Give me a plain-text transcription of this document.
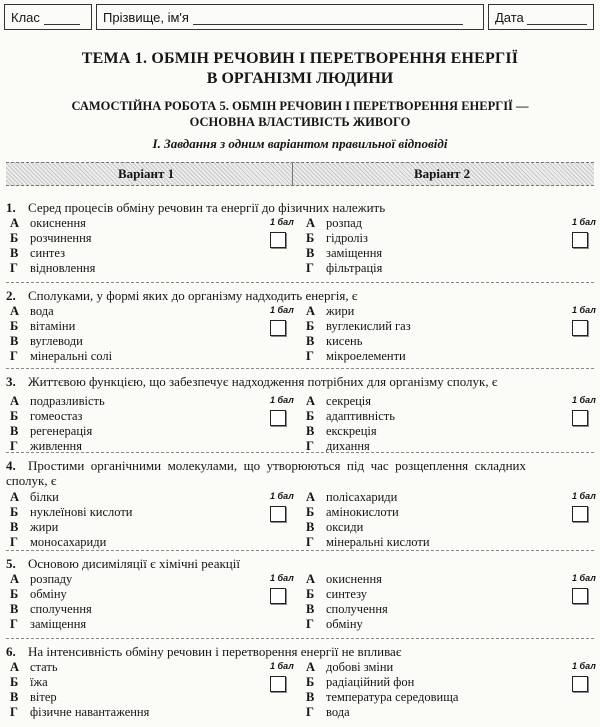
Клас	Прізвище, ім'я	Дата
ТЕМА 1. ОБМІН РЕЧОВИН І ПЕРЕТВОРЕННЯ ЕНЕРГІЇ
В ОРГАНІЗМІ ЛЮДИНИ
САМОСТІЙНА РОБОТА 5. ОБМІН РЕЧОВИН І ПЕРЕТВОРЕННЯ ЕНЕРГІЇ —
ОСНОВНА ВЛАСТИВІСТЬ ЖИВОГО
І. Завдання з одним варіантом правильної відповіді
Варіант 1	Варіант 2
1. Серед процесів обміну речовин та енергії до фізичних належить
А окиснення
Б розчинення
В синтез
Г відновлення
1 бал А розпад
Б гідроліз
В заміщення
Г фільтрація
1 бал
2. Сполуками, у формі яких до організму надходить енергія, є
А вода
Б вітаміни
В вуглеводи
Г мінеральні солі
1 бал А жири
Б вуглекислий газ
В кисень
Г мікроелементи
1 бал
3. Життєвою функцією, що забезпечує надходження потрібних для організму сполук, є
А подразливість
Б гомеостаз
В регенерація
Г живлення
1 бал А секреція
Б адаптивність
В екскреція
Г дихання
1 бал
4. Простими органічними молекулами, що утворюються під час розщеплення складних сполук, є
А білки
Б нуклеїнові кислоти
В жири
Г моносахариди
1 бал А полісахариди
Б амінокислоти
В оксиди
Г мінеральні кислоти
1 бал
5. Основою дисиміляції є хімічні реакції
А розпаду
Б обміну
В сполучення
Г заміщення
1 бал А окиснення
Б синтезу
В сполучення
Г обміну
1 бал
6. На інтенсивність обміну речовин і перетворення енергії не впливає
А стать
Б їжа
В вітер
Г фізичне навантаження
1 бал А добові зміни
Б радіаційний фон
В температура середовища
Г вода
1 бал
